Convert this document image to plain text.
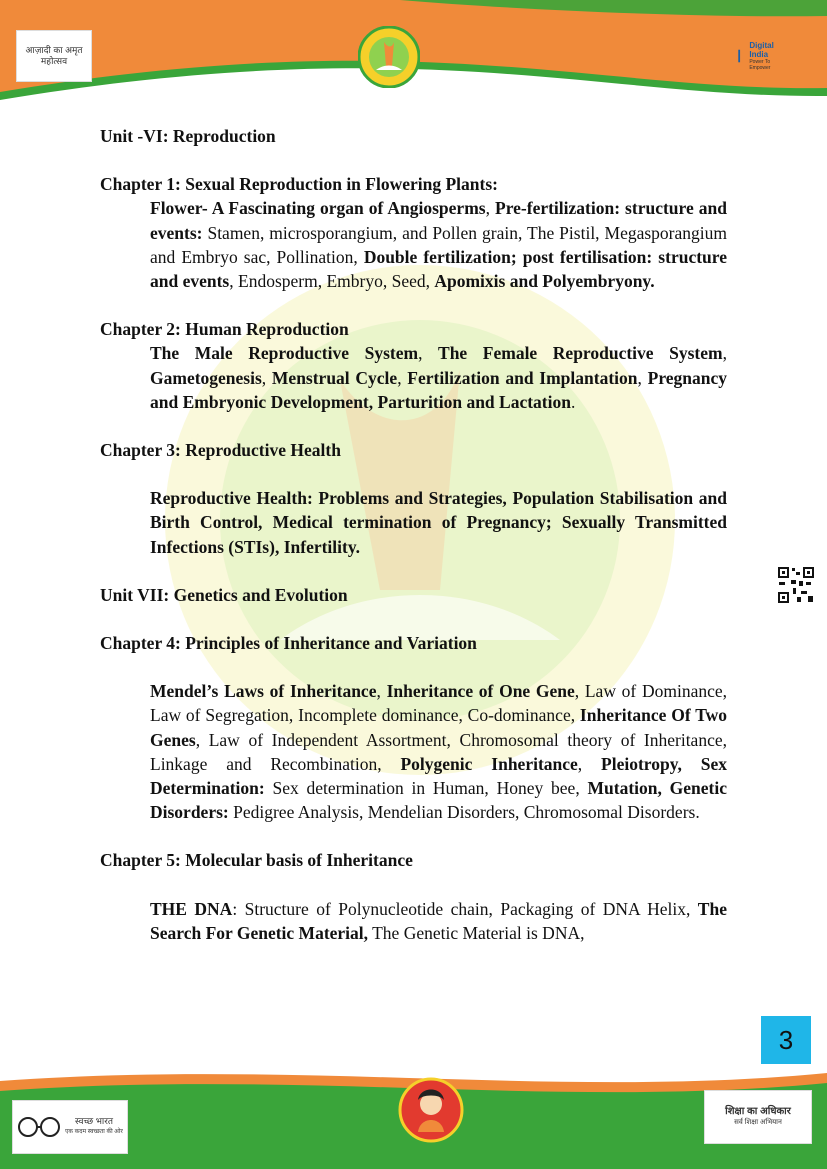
आज़ादी का अमृत महोत्सव
Digital India
Power To Empower

Unit -VI: Reproduction

Chapter 1: Sexual Reproduction in Flowering Plants:

Flower- A Fascinating organ of Angiosperms, Pre-fertilization: structure and events: Stamen, microsporangium, and Pollen grain, The Pistil, Megasporangium and Embryo sac, Pollination, Double fertilization; post fertilisation: structure and events, Endosperm, Embryo, Seed, Apomixis and Polyembryony.

Chapter 2: Human Reproduction

The Male Reproductive System, The Female Reproductive System, Gametogenesis, Menstrual Cycle, Fertilization and Implantation, Pregnancy and Embryonic Development, Parturition and Lactation.

Chapter 3: Reproductive Health

Reproductive Health: Problems and Strategies, Population Stabilisation and Birth Control, Medical termination of Pregnancy; Sexually Transmitted Infections (STIs), Infertility.

Unit VII: Genetics and Evolution

Chapter 4: Principles of Inheritance and Variation

Mendel’s Laws of Inheritance, Inheritance of One Gene, Law of Dominance, Law of Segregation, Incomplete dominance, Co-dominance, Inheritance Of Two Genes, Law of Independent Assortment, Chromosomal theory of Inheritance, Linkage and Recombination, Polygenic Inheritance, Pleiotropy, Sex Determination: Sex determination in Human, Honey bee, Mutation, Genetic Disorders: Pedigree Analysis, Mendelian Disorders, Chromosomal Disorders.

Chapter 5: Molecular basis of Inheritance

THE DNA: Structure of Polynucleotide chain, Packaging of DNA Helix, The Search For Genetic Material, The Genetic Material is DNA,

3
स्वच्छ भारत
एक कदम स्वच्छता की ओर
शिक्षा का अधिकार
सर्व शिक्षा अभियान
